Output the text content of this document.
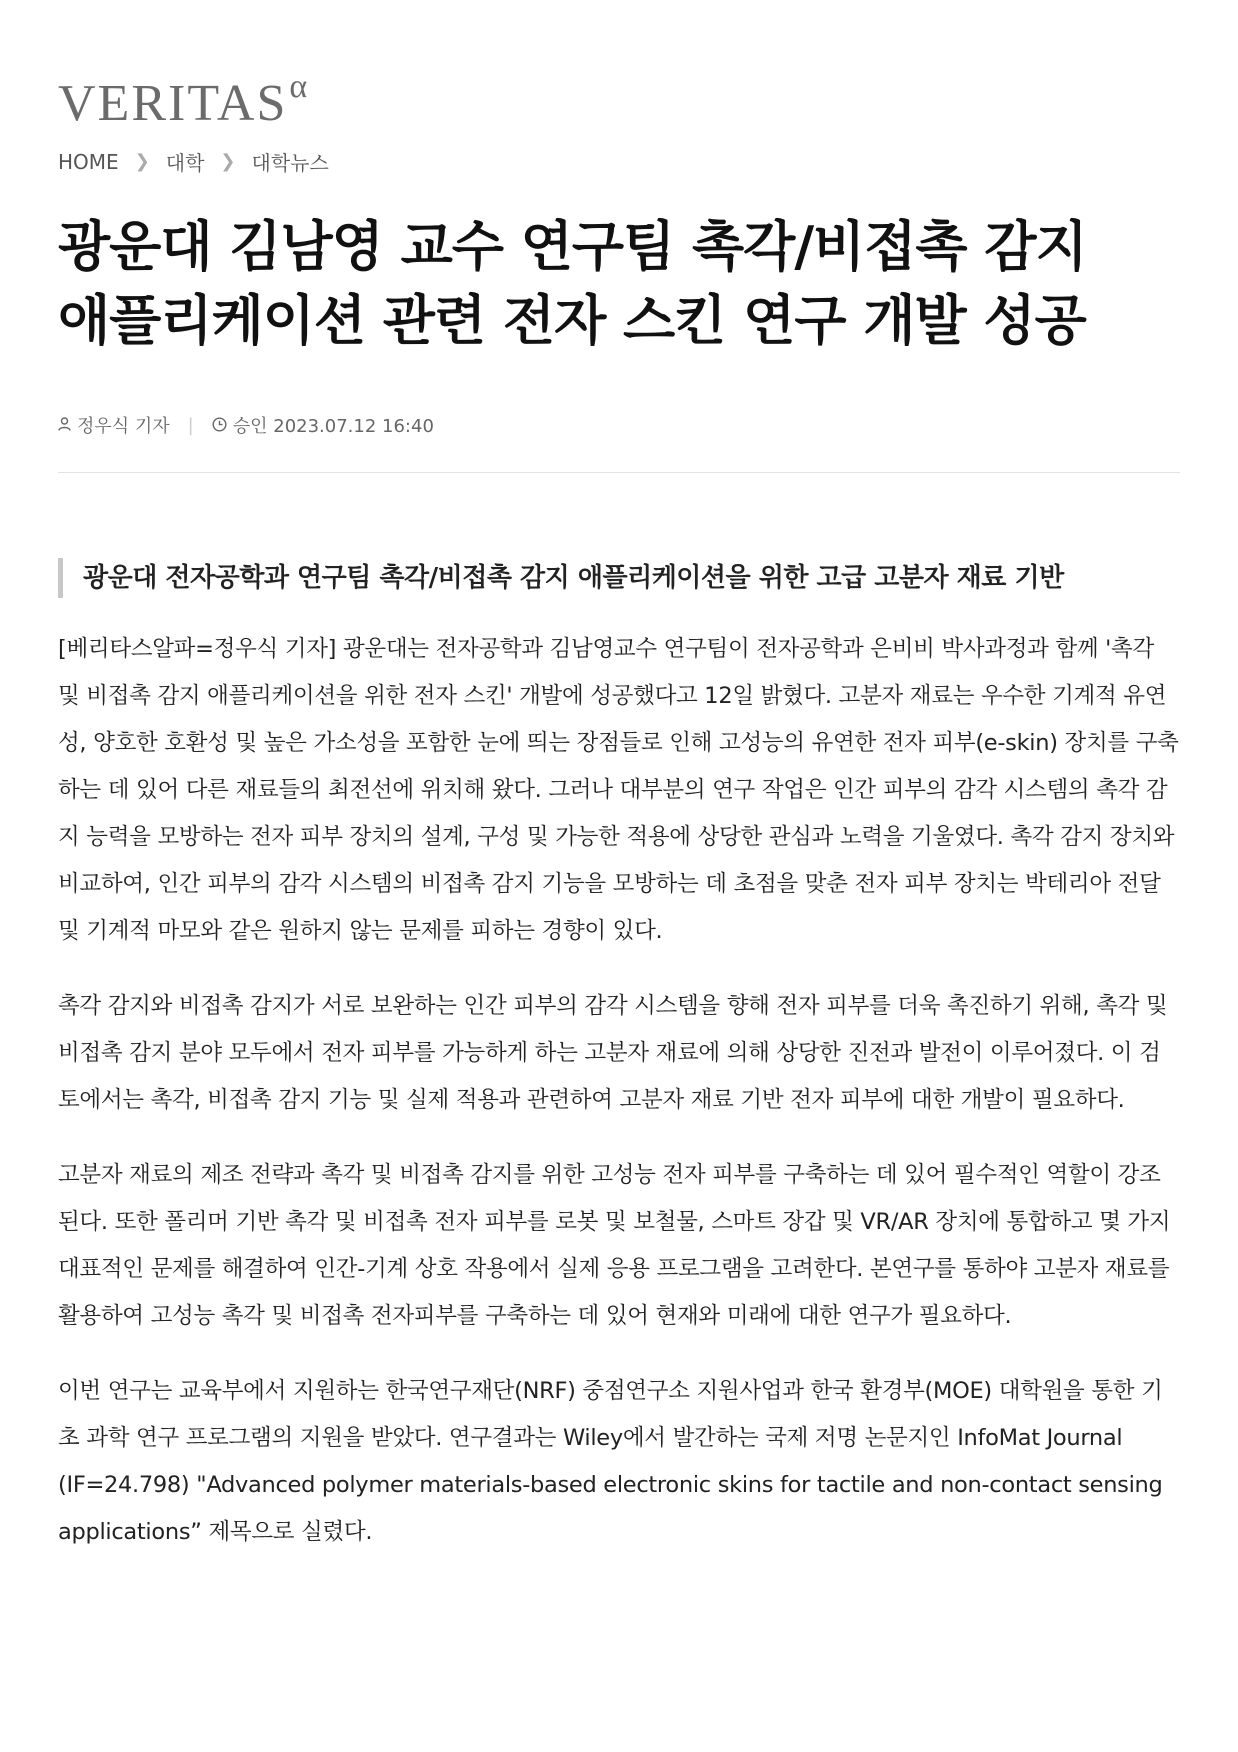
VERITAS α
HOME ❯ 대학 ❯ 대학뉴스
광운대 김남영 교수 연구팀 촉각/비접촉 감지
애플리케이션 관련 전자 스킨 연구 개발 성공
정우식 기자 | 승인 2023.07.12 16:40
광운대 전자공학과 연구팀 촉각/비접촉 감지 애플리케이션을 위한 고급 고분자 재료 기반

[베리타스알파=정우식 기자] 광운대는 전자공학과 김남영교수 연구팀이 전자공학과 은비비 박사과정과 함께 '촉각 및 비접촉 감지 애플리케이션을 위한 전자 스킨' 개발에 성공했다고 12일 밝혔다. 고분자 재료는 우수한 기계적 유연성, 양호한 호환성 및 높은 가소성을 포함한 눈에 띄는 장점들로 인해 고성능의 유연한 전자 피부(e-skin) 장치를 구축하는 데 있어 다른 재료들의 최전선에 위치해 왔다. 그러나 대부분의 연구 작업은 인간 피부의 감각 시스템의 촉각 감지 능력을 모방하는 전자 피부 장치의 설계, 구성 및 가능한 적용에 상당한 관심과 노력을 기울였다. 촉각 감지 장치와 비교하여, 인간 피부의 감각 시스템의 비접촉 감지 기능을 모방하는 데 초점을 맞춘 전자 피부 장치는 박테리아 전달 및 기계적 마모와 같은 원하지 않는 문제를 피하는 경향이 있다.

촉각 감지와 비접촉 감지가 서로 보완하는 인간 피부의 감각 시스템을 향해 전자 피부를 더욱 촉진하기 위해, 촉각 및 비접촉 감지 분야 모두에서 전자 피부를 가능하게 하는 고분자 재료에 의해 상당한 진전과 발전이 이루어졌다. 이 검토에서는 촉각, 비접촉 감지 기능 및 실제 적용과 관련하여 고분자 재료 기반 전자 피부에 대한 개발이 필요하다.

고분자 재료의 제조 전략과 촉각 및 비접촉 감지를 위한 고성능 전자 피부를 구축하는 데 있어 필수적인 역할이 강조된다. 또한 폴리머 기반 촉각 및 비접촉 전자 피부를 로봇 및 보철물, 스마트 장갑 및 VR/AR 장치에 통합하고 몇 가지 대표적인 문제를 해결하여 인간-기계 상호 작용에서 실제 응용 프로그램을 고려한다. 본연구를 통하야 고분자 재료를 활용하여 고성능 촉각 및 비접촉 전자피부를 구축하는 데 있어 현재와 미래에 대한 연구가 필요하다.

이번 연구는 교육부에서 지원하는 한국연구재단(NRF) 중점연구소 지원사업과 한국 환경부(MOE) 대학원을 통한 기초 과학 연구 프로그램의 지원을 받았다. 연구결과는 Wiley에서 발간하는 국제 저명 논문지인 InfoMat Journal (IF=24.798) "Advanced polymer materials-based electronic skins for tactile and non-contact sensing applications” 제목으로 실렸다.
